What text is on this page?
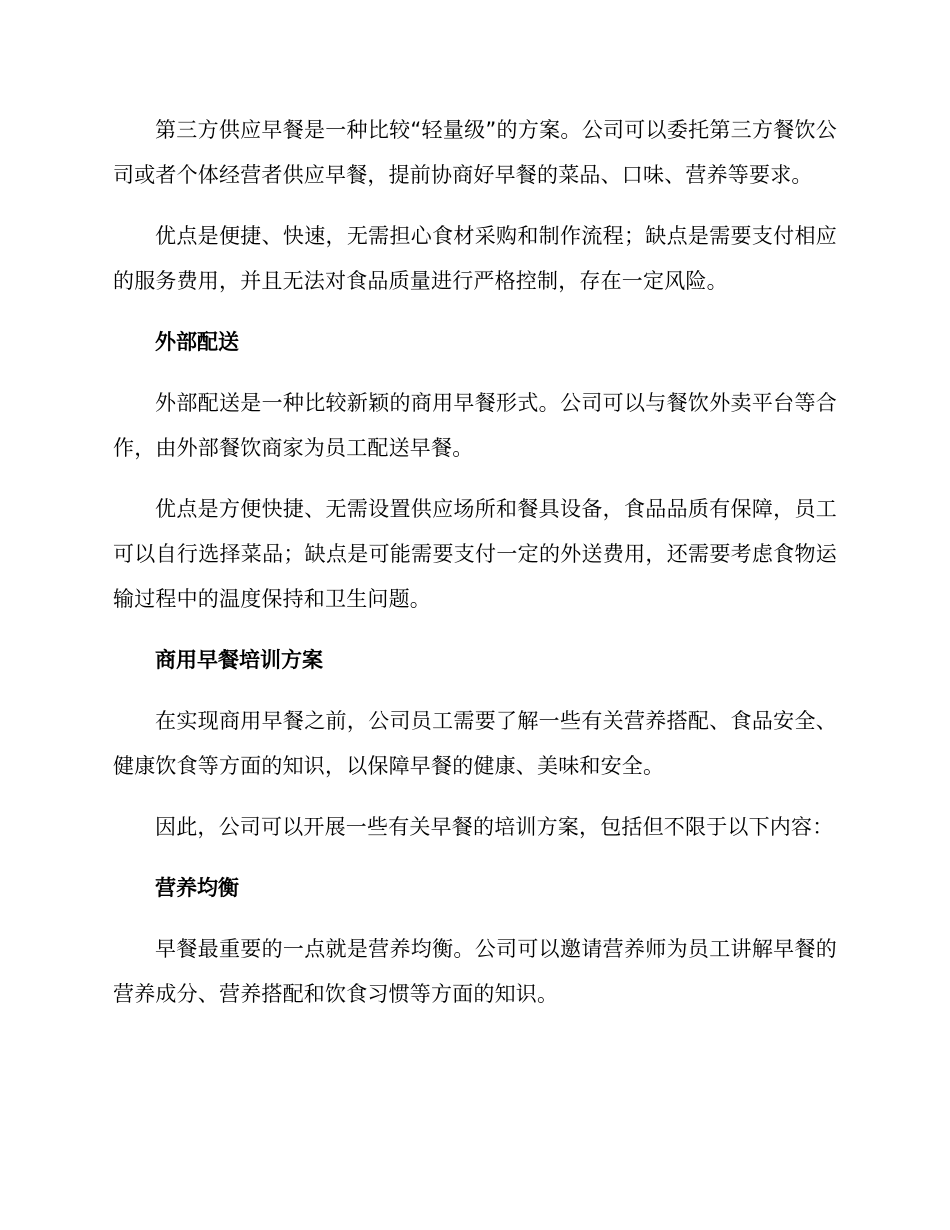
第三方供应早餐是一种比较“轻量级”的方案。公司可以委托第三方餐饮公司或者个体经营者供应早餐，提前协商好早餐的菜品、口味、营养等要求。

优点是便捷、快速，无需担心食材采购和制作流程；缺点是需要支付相应的服务费用，并且无法对食品质量进行严格控制，存在一定风险。

外部配送

外部配送是一种比较新颖的商用早餐形式。公司可以与餐饮外卖平台等合作，由外部餐饮商家为员工配送早餐。

优点是方便快捷、无需设置供应场所和餐具设备，食品品质有保障，员工可以自行选择菜品；缺点是可能需要支付一定的外送费用，还需要考虑食物运输过程中的温度保持和卫生问题。

商用早餐培训方案

在实现商用早餐之前，公司员工需要了解一些有关营养搭配、食品安全、健康饮食等方面的知识，以保障早餐的健康、美味和安全。

因此，公司可以开展一些有关早餐的培训方案，包括但不限于以下内容：

营养均衡

早餐最重要的一点就是营养均衡。公司可以邀请营养师为员工讲解早餐的营养成分、营养搭配和饮食习惯等方面的知识。
